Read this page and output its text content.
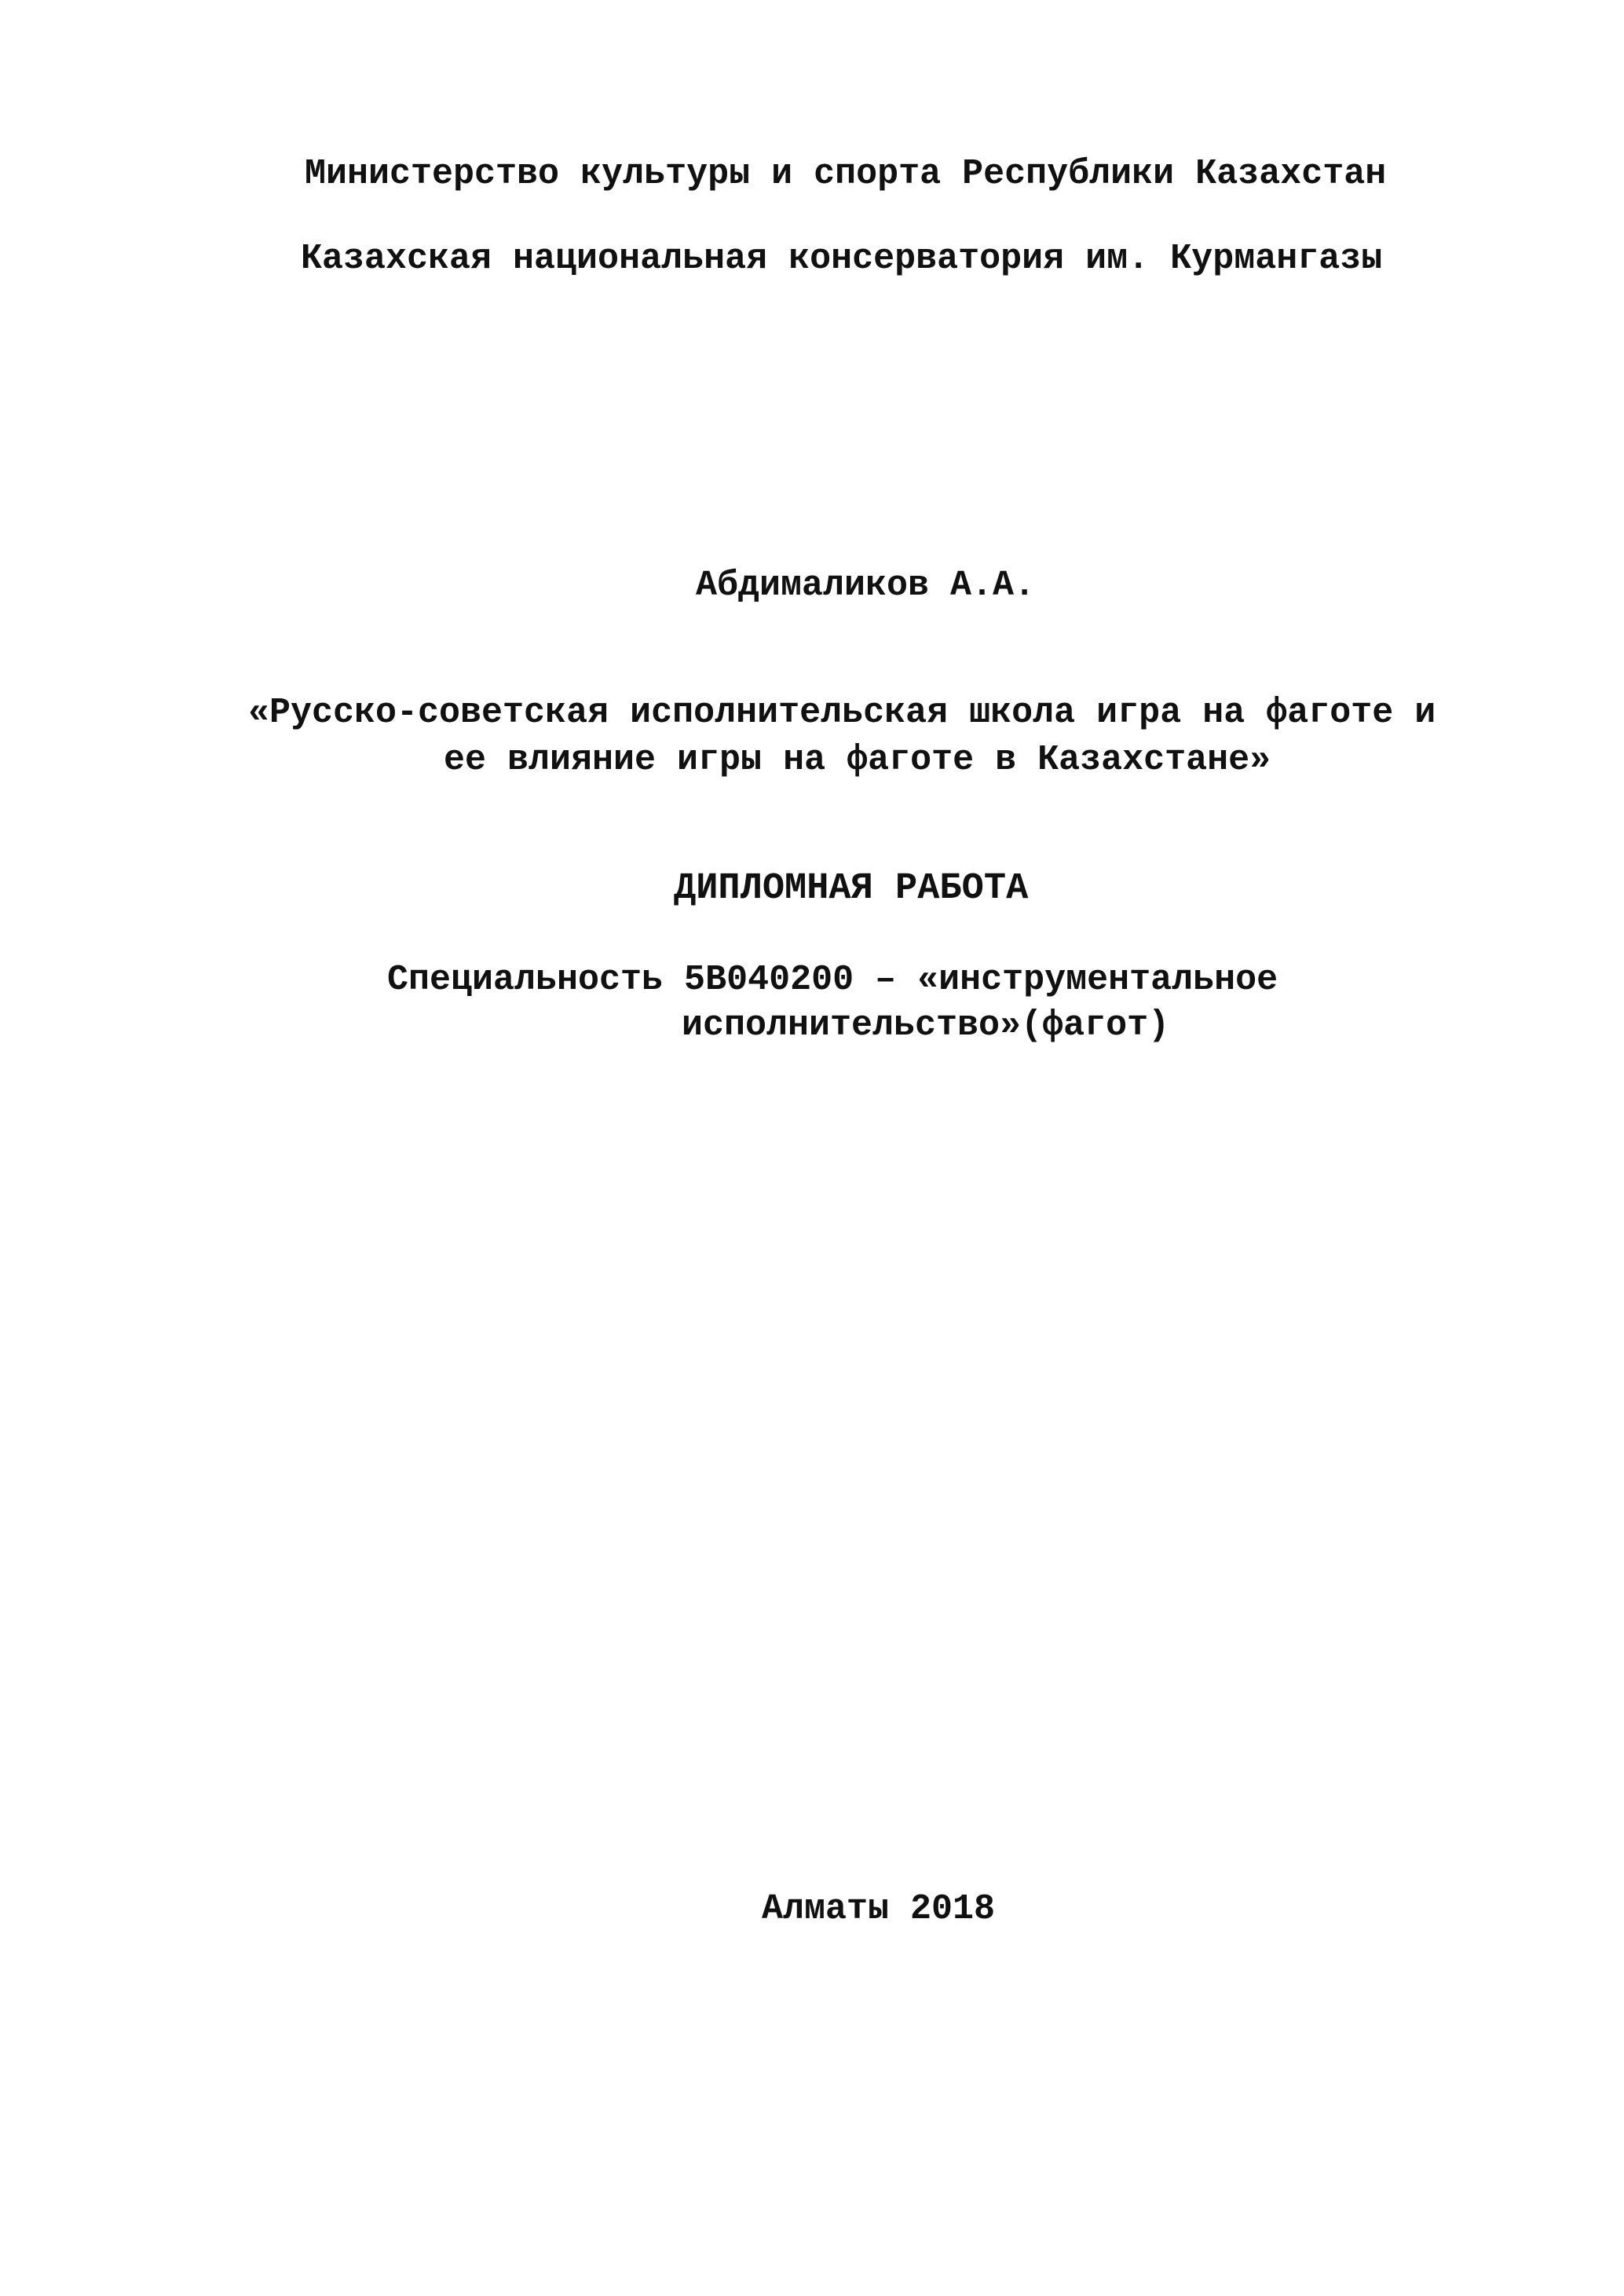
Министерство культуры и спорта Республики Казахстан
Казахская национальная консерватория им. Курмангазы
Абдималиков А.А.
«Русско-советская исполнительская школа игра на фаготе и
ее влияние игры на фаготе в Казахстане»
ДИПЛОМНАЯ РАБОТА
Специальность 5В040200 – «инструментальное
исполнительство»(фагот)
Алматы 2018
